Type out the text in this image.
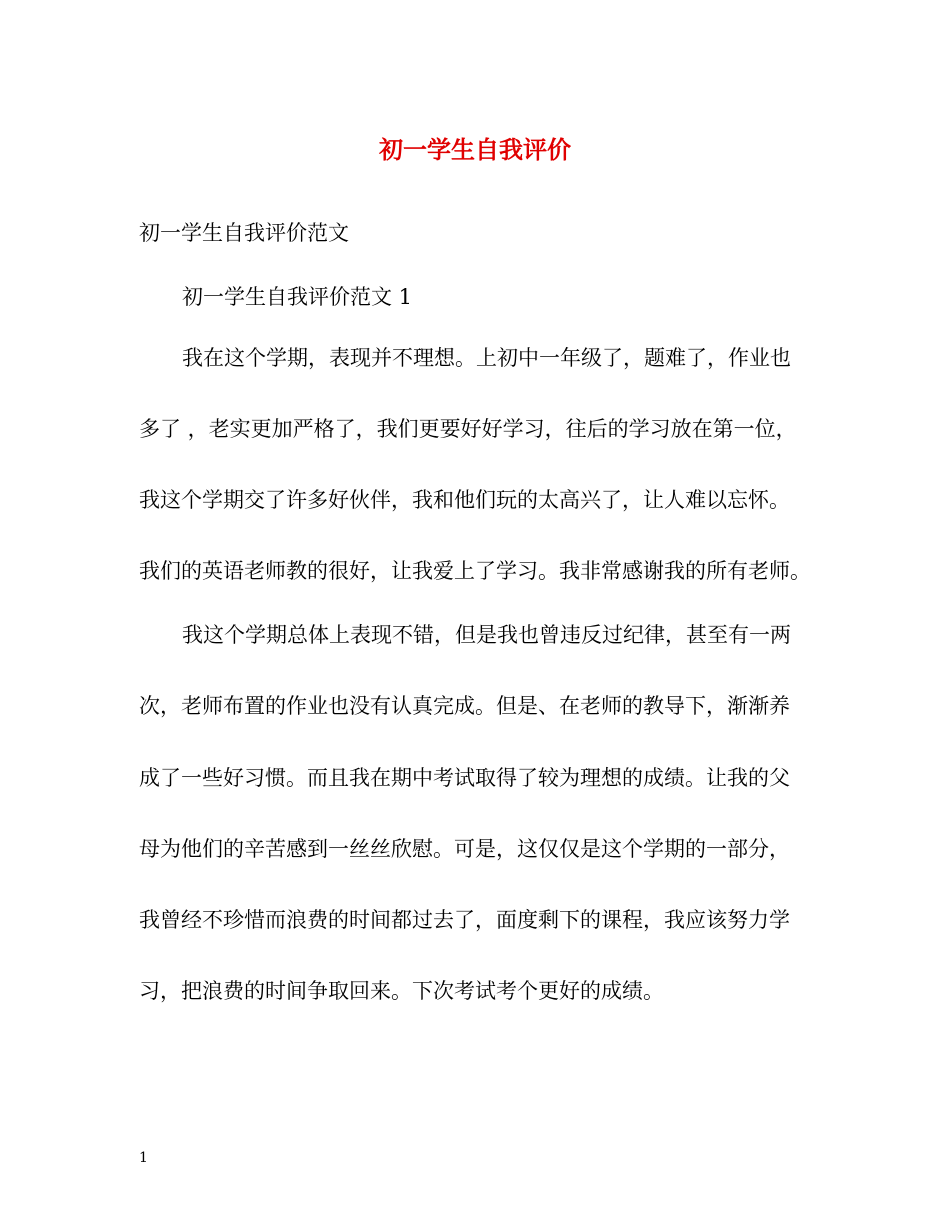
初一学生自我评价
初一学生自我评价范文
初一学生自我评价范文 1
我在这个学期，表现并不理想。上初中一年级了，题难了，作业也
多了 ，老实更加严格了，我们更要好好学习，往后的学习放在第一位，
我这个学期交了许多好伙伴，我和他们玩的太高兴了，让人难以忘怀。
我们的英语老师教的很好，让我爱上了学习。我非常感谢我的所有老师。
我这个学期总体上表现不错，但是我也曾违反过纪律，甚至有一两
次，老师布置的作业也没有认真完成。但是、在老师的教导下，渐渐养
成了一些好习惯。而且我在期中考试取得了较为理想的成绩。让我的父
母为他们的辛苦感到一丝丝欣慰。可是，这仅仅是这个学期的一部分，
我曾经不珍惜而浪费的时间都过去了，面度剩下的课程，我应该努力学
习，把浪费的时间争取回来。下次考试考个更好的成绩。
1
